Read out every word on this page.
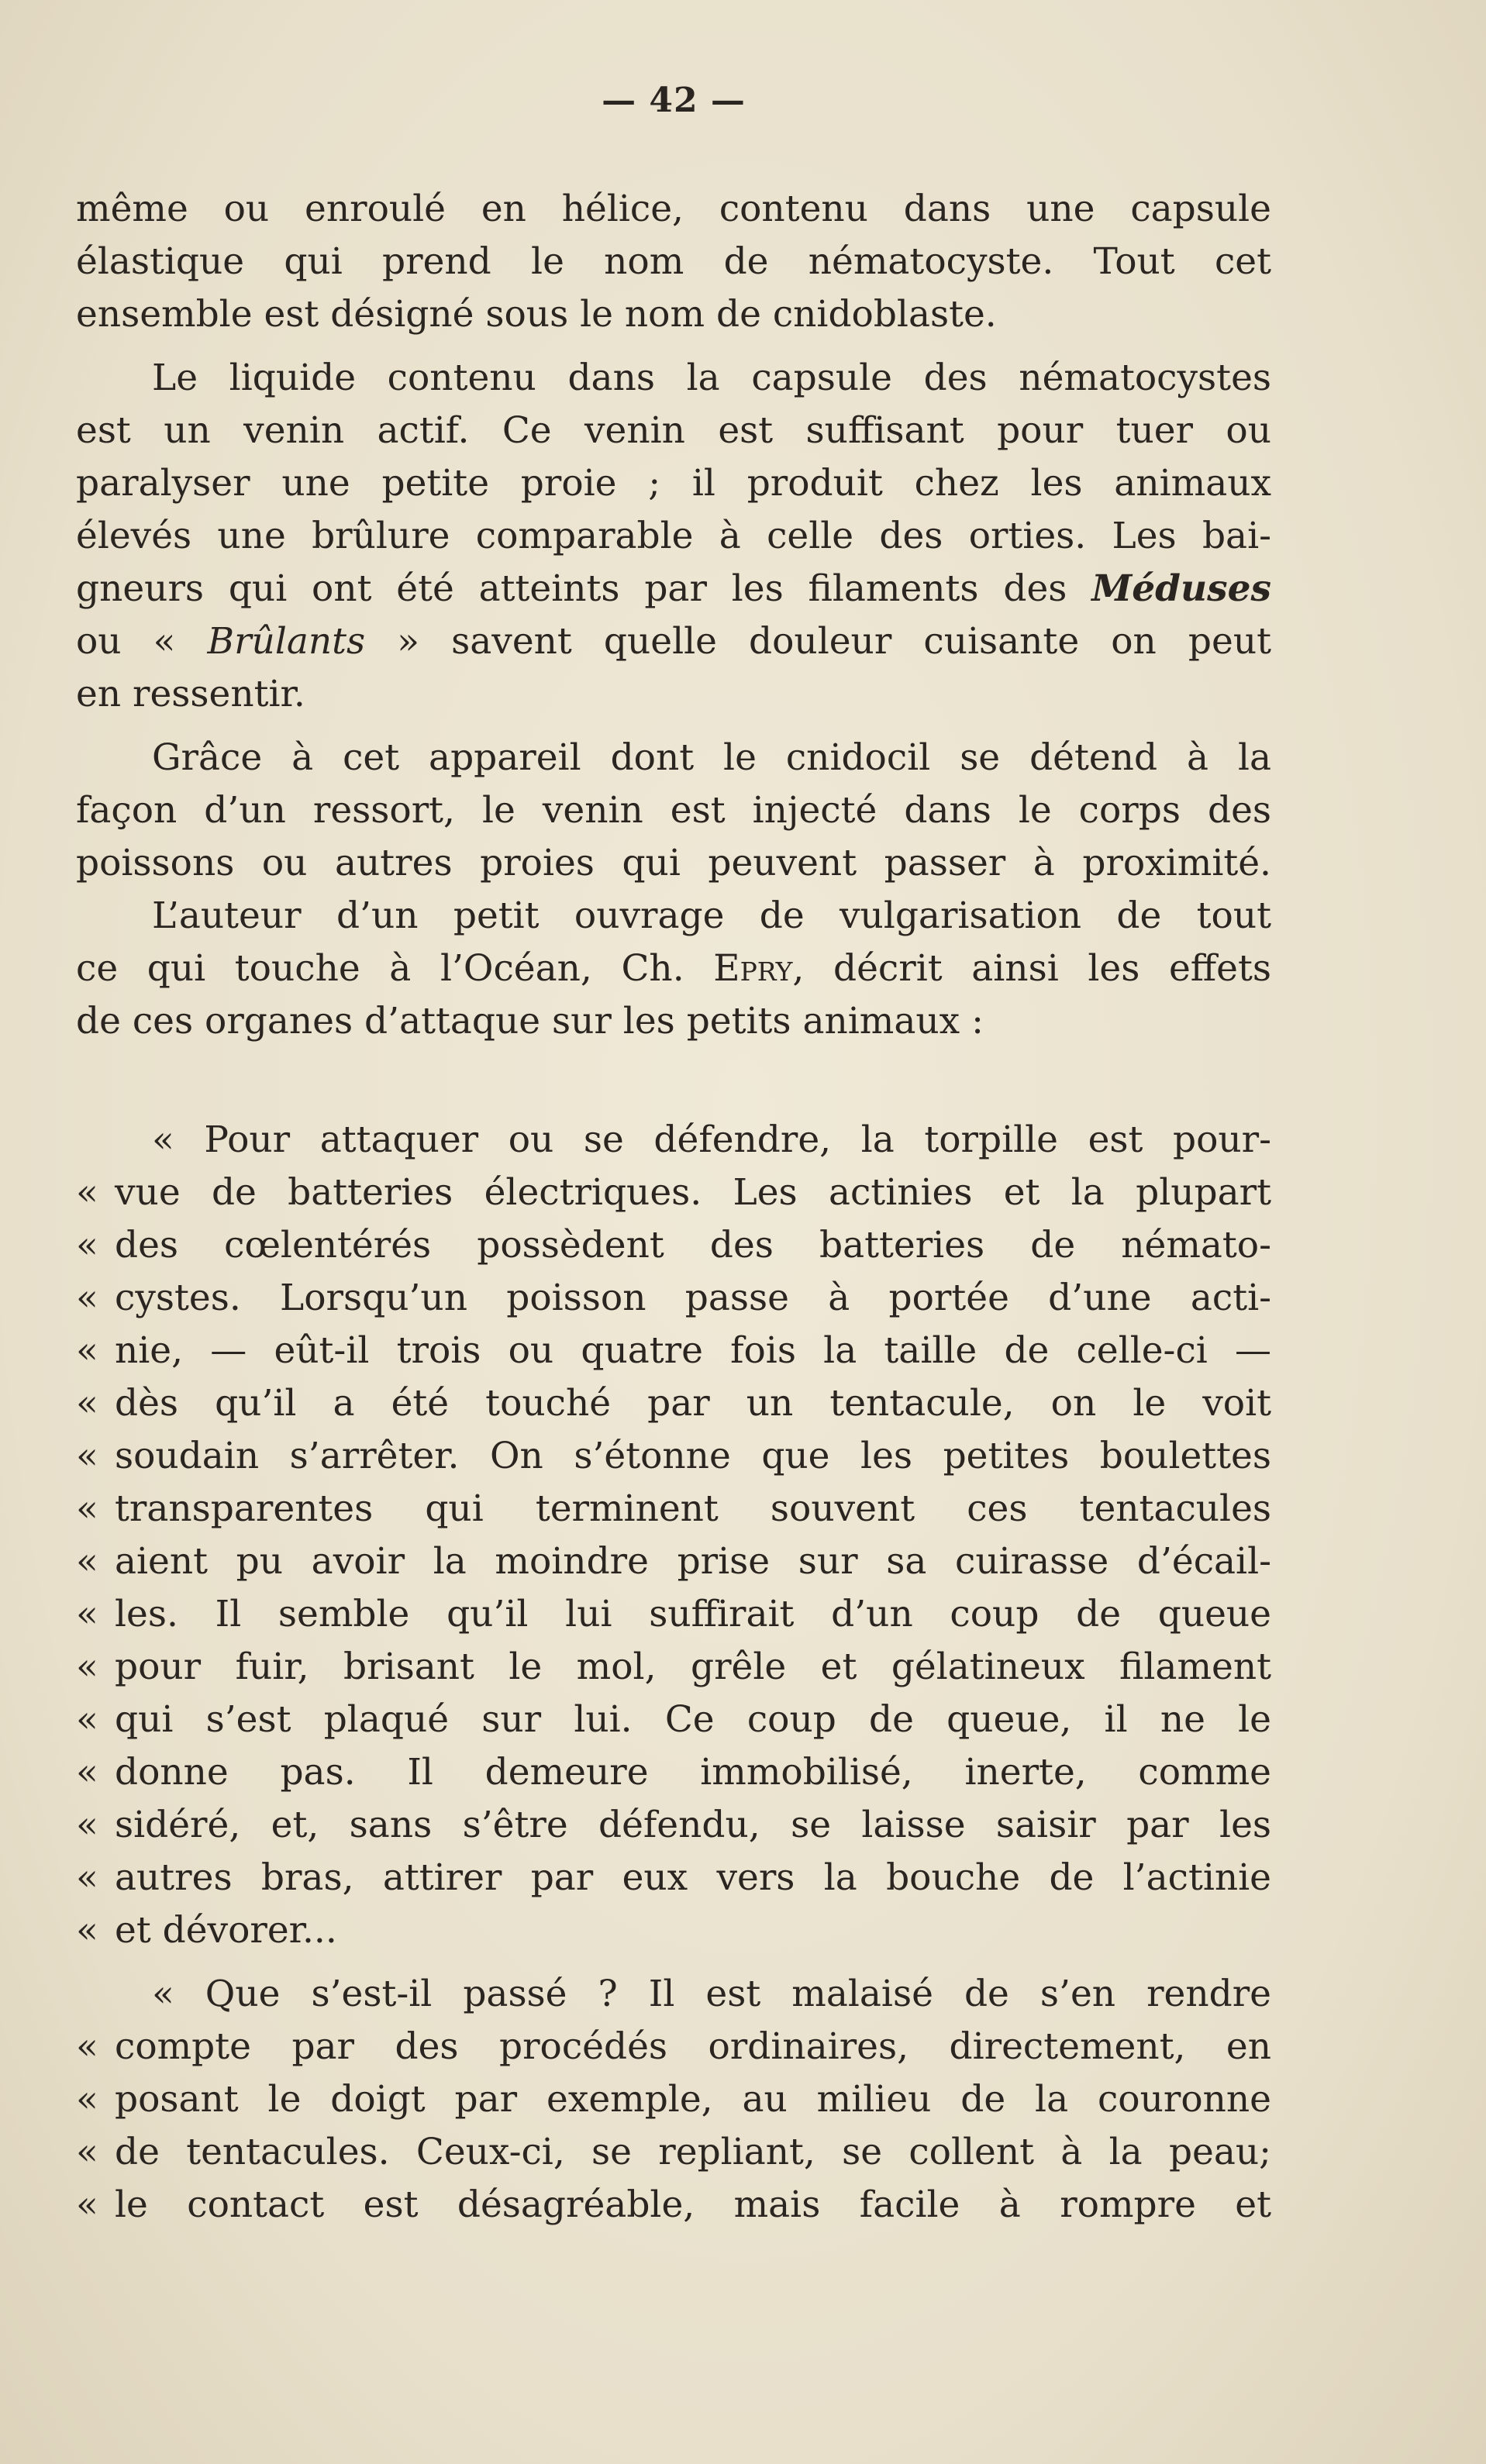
— 42 —
même ou enroulé en hélice, contenu dans une capsule
élastique qui prend le nom de nématocyste. Tout cet
ensemble est désigné sous le nom de cnidoblaste.
Le liquide contenu dans la capsule des nématocystes
est un venin actif. Ce venin est suffisant pour tuer ou
paralyser une petite proie ; il produit chez les animaux
élevés une brûlure comparable à celle des orties. Les bai-
gneurs qui ont été atteints par les filaments des Méduses
ou « Brûlants » savent quelle douleur cuisante on peut
en ressentir.
Grâce à cet appareil dont le cnidocil se détend à la
façon d’un ressort, le venin est injecté dans le corps des
poissons ou autres proies qui peuvent passer à proximité.
L’auteur d’un petit ouvrage de vulgarisation de tout
ce qui touche à l’Océan, Ch. Epry, décrit ainsi les effets
de ces organes d’attaque sur les petits animaux :
« Pour attaquer ou se défendre, la torpille est pour-
« vue de batteries électriques. Les actinies et la plupart
« des cœlentérés possèdent des batteries de némato-
« cystes. Lorsqu’un poisson passe à portée d’une acti-
« nie, — eût-il trois ou quatre fois la taille de celle-ci —
« dès qu’il a été touché par un tentacule, on le voit
« soudain s’arrêter. On s’étonne que les petites boulettes
« transparentes qui terminent souvent ces tentacules
« aient pu avoir la moindre prise sur sa cuirasse d’écail-
« les. Il semble qu’il lui suffirait d’un coup de queue
« pour fuir, brisant le mol, grêle et gélatineux filament
« qui s’est plaqué sur lui. Ce coup de queue, il ne le
« donne pas. Il demeure immobilisé, inerte, comme
« sidéré, et, sans s’être défendu, se laisse saisir par les
« autres bras, attirer par eux vers la bouche de l’actinie
« et dévorer...
« Que s’est-il passé ? Il est malaisé de s’en rendre
« compte par des procédés ordinaires, directement, en
« posant le doigt par exemple, au milieu de la couronne
« de tentacules. Ceux-ci, se repliant, se collent à la peau;
« le contact est désagréable, mais facile à rompre et
